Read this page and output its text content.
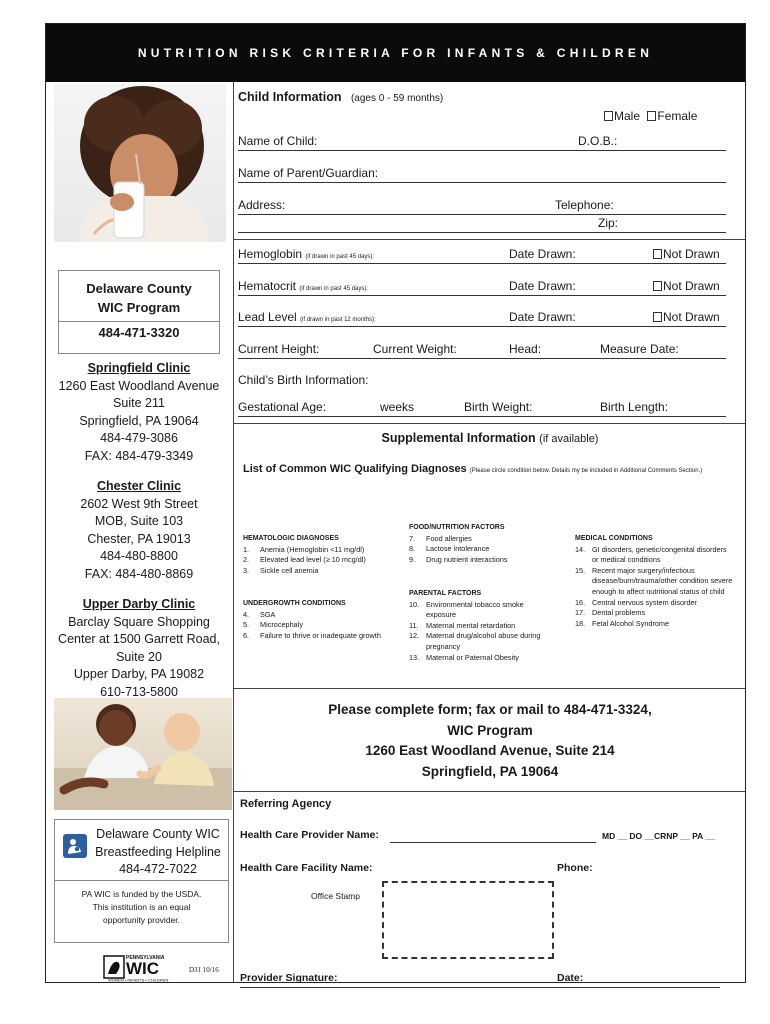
NUTRITION RISK CRITERIA FOR INFANTS & CHILDREN
Delaware County
WIC Program
484-471-3320
Springfield Clinic
1260 East Woodland Avenue
Suite 211
Springfield, PA 19064
484-479-3086
FAX: 484-479-3349
Chester Clinic
2602 West 9th Street
MOB, Suite 103
Chester, PA 19013
484-480-8800
FAX: 484-480-8869
Upper Darby Clinic
Barclay Square Shopping
Center at 1500 Garrett Road,
Suite 20
Upper Darby, PA 19082
610-713-5800
Delaware County WIC
Breastfeeding Helpline
484-472-7022
PA WIC is funded by the USDA.
This institution is an equal
opportunity provider.
PENNSYLVANIA
WIC
WOMEN • INFANTS • CHILDREN
D31 10/16
Child Information (ages 0 - 59 months)
Male Female
Name of Child:	D.O.B.:
Name of Parent/Guardian:
Address:	Telephone:
Zip:
Hemoglobin (if drawn in past 45 days):	Date Drawn:	Not Drawn
Hematocrit (if drawn in past 45 days):	Date Drawn:	Not Drawn
Lead Level (if drawn in past 12 months):	Date Drawn:	Not Drawn
Current Height:	Current Weight:	Head:	Measure Date:
Child’s Birth Information:
Gestational Age:	weeks	Birth Weight:	Birth Length:
Supplemental Information (if available)
List of Common WIC Qualifying Diagnoses (Please circle condition below. Details my be included in Additional Comments Section.)
HEMATOLOGIC DIAGNOSES
1. Anemia (Hemoglobin <11 mg/dl)
2. Elevated lead level (≥ 10 mcg/dl)
3. Sickle cell anemia
UNDERGROWTH CONDITIONS
4. SGA
5. Microcephaly
6. Failure to thrive or inadequate growth
FOOD/NUTRITION FACTORS
7. Food allergies
8. Lactose intolerance
9. Drug nutrient interactions
PARENTAL FACTORS
10. Environmental tobacco smoke exposure
11. Maternal mental retardation
12. Maternal drug/alcohol abuse during pregnancy
13. Maternal or Paternal Obesity
MEDICAL CONDITIONS
14. GI disorders, genetic/congenital disorders or medical conditions
15. Recent major surgery/infectious disease/burn/trauma/other condition severe enough to affect nutritional status of child
16. Central nervous system disorder
17. Dental problems
18. Fetal Alcohol Syndrome
Please complete form; fax or mail to 484-471-3324,
WIC Program
1260 East Woodland Avenue, Suite 214
Springfield, PA 19064
Referring Agency
Health Care Provider Name:	MD __ DO __CRNP __ PA __
Health Care Facility Name:	Phone:
Office Stamp
Provider Signature:	Date:
